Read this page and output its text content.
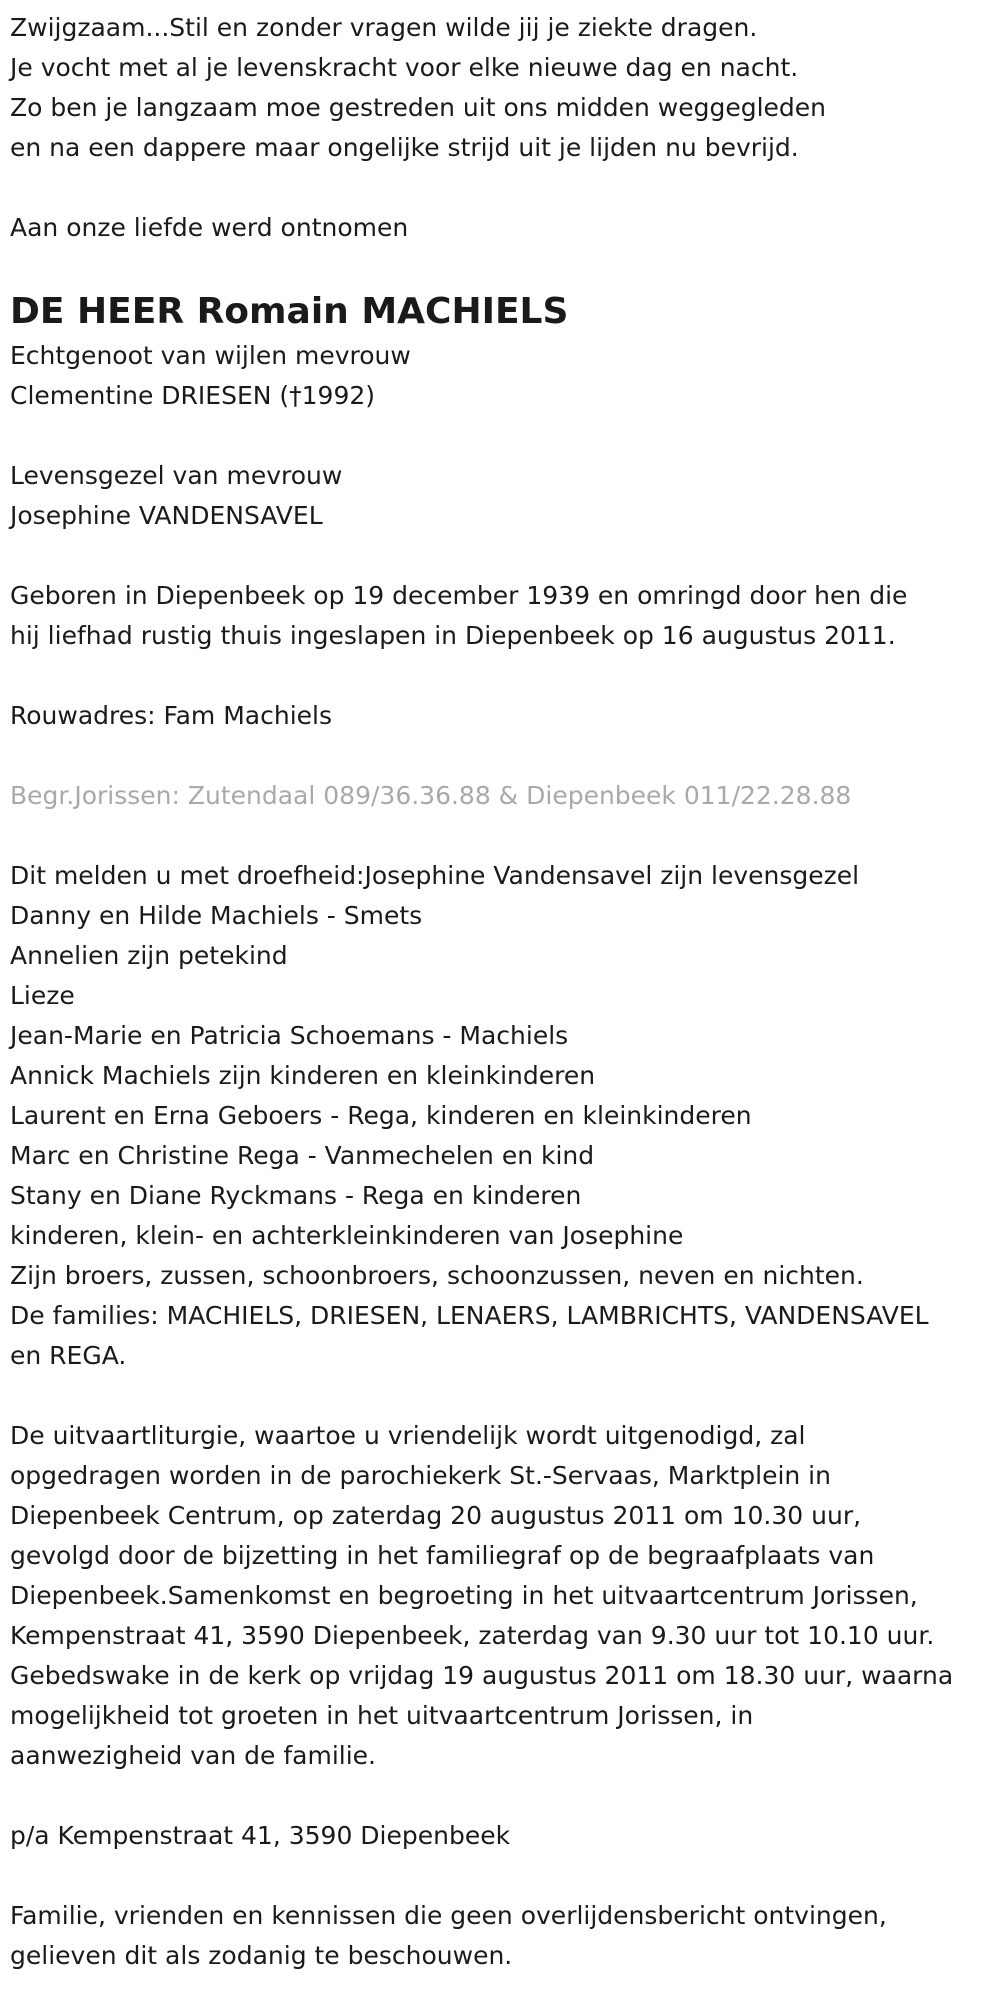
Zwijgzaam...Stil en zonder vragen wilde jij je ziekte dragen.

Je vocht met al je levenskracht voor elke nieuwe dag en nacht.

Zo ben je langzaam moe gestreden uit ons midden weggegleden

en na een dappere maar ongelijke strijd uit je lijden nu bevrijd.

Aan onze liefde werd ontnomen

DE HEER Romain MACHIELS

Echtgenoot van wijlen mevrouw

Clementine DRIESEN (†1992)

Levensgezel van mevrouw

Josephine VANDENSAVEL

Geboren in Diepenbeek op 19 december 1939 en omringd door hen die

hij liefhad rustig thuis ingeslapen in Diepenbeek op 16 augustus 2011.

Rouwadres: Fam Machiels

Begr.Jorissen: Zutendaal 089/36.36.88 & Diepenbeek 011/22.28.88

Dit melden u met droefheid:Josephine Vandensavel zijn levensgezel

Danny en Hilde Machiels - Smets

Annelien zijn petekind

Lieze

Jean-Marie en Patricia Schoemans - Machiels

Annick Machiels zijn kinderen en kleinkinderen

Laurent en Erna Geboers - Rega, kinderen en kleinkinderen

Marc en Christine Rega - Vanmechelen en kind

Stany en Diane Ryckmans - Rega en kinderen

kinderen, klein- en achterkleinkinderen van Josephine

Zijn broers, zussen, schoonbroers, schoonzussen, neven en nichten.

De families: MACHIELS, DRIESEN, LENAERS, LAMBRICHTS, VANDENSAVEL

en REGA.

De uitvaartliturgie, waartoe u vriendelijk wordt uitgenodigd, zal

opgedragen worden in de parochiekerk St.-Servaas, Marktplein in

Diepenbeek Centrum, op zaterdag 20 augustus 2011 om 10.30 uur,

gevolgd door de bijzetting in het familiegraf op de begraafplaats van

Diepenbeek.Samenkomst en begroeting in het uitvaartcentrum Jorissen,

Kempenstraat 41, 3590 Diepenbeek, zaterdag van 9.30 uur tot 10.10 uur.

Gebedswake in de kerk op vrijdag 19 augustus 2011 om 18.30 uur, waarna

mogelijkheid tot groeten in het uitvaartcentrum Jorissen, in

aanwezigheid van de familie.

p/a Kempenstraat 41, 3590 Diepenbeek

Familie, vrienden en kennissen die geen overlijdensbericht ontvingen,

gelieven dit als zodanig te beschouwen.
